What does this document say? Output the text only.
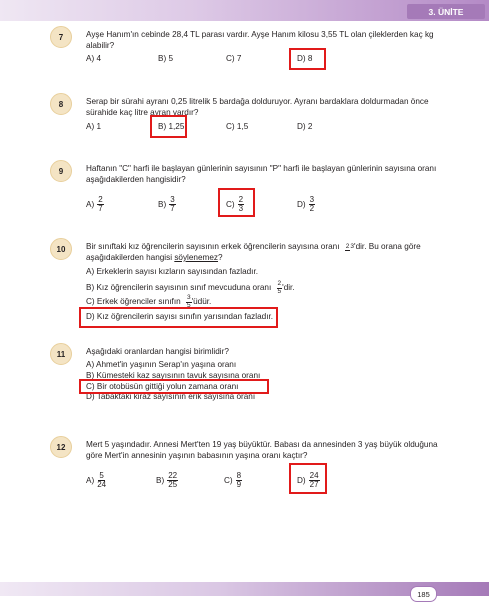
3. ÜNİTE
7	Ayşe Hanım'ın cebinde 28,4 TL parası vardır. Ayşe Hanım kilosu 3,55 TL olan çileklerden kaç kg alabilir?
A) 4	B) 5	C) 7	D) 8
8	Serap bir sürahi ayranı 0,25 litrelik 5 bardağa dolduruyor. Ayranı bardaklara doldurmadan önce sürahide kaç litre ayran vardır?
A) 1	B) 1,25	C) 1,5	D) 2
9	Haftanın "C" harfi ile başlayan günlerinin sayısının "P" harfi ile başlayan günlerinin sayısına oranı aşağıdakilerden hangisidir?
$A) \frac{2}{7}$	$B) \frac{3}{7}$	$C) \frac{2}{3}$	$D) \frac{3}{2}$
10	Bir sınıftaki kız öğrencilerin sayısının erkek öğrencilerin sayısına oranı 23'dir. Bu orana göre aşağıdakilerden hangisi söylenemez?
A) Erkeklerin sayısı kızların sayısından fazladır.
B) Kız öğrencilerin sayısının sınıf mevcuduna oranı $\frac{2}{5}$ 'dir.
C) Erkek öğrenciler sınıfın $\frac{3}{5}$ 'üdür.
D) Kız öğrencilerin sayısı sınıfın yarısından fazladır.
11	Aşağıdaki oranlardan hangisi birimlidir?
A) Ahmet'in yaşının Serap'ın yaşına oranı
B) Kümesteki kaz sayısının tavuk sayısına oranı
C) Bir otobüsün gittiği yolun zamana oranı
D) Tabaktaki kiraz sayısının erik sayısına oranı
12	Mert 5 yaşındadır. Annesi Mert'ten 19 yaş büyüktür. Babası da annesinden 3 yaş büyük olduğuna göre Mert'in annesinin yaşının babasının yaşına oranı kaçtır?
$A) \frac{5}{24}$	$B) \frac{22}{25}$	$C) \frac{8}{9}$	$D) \frac{24}{27}$
185
